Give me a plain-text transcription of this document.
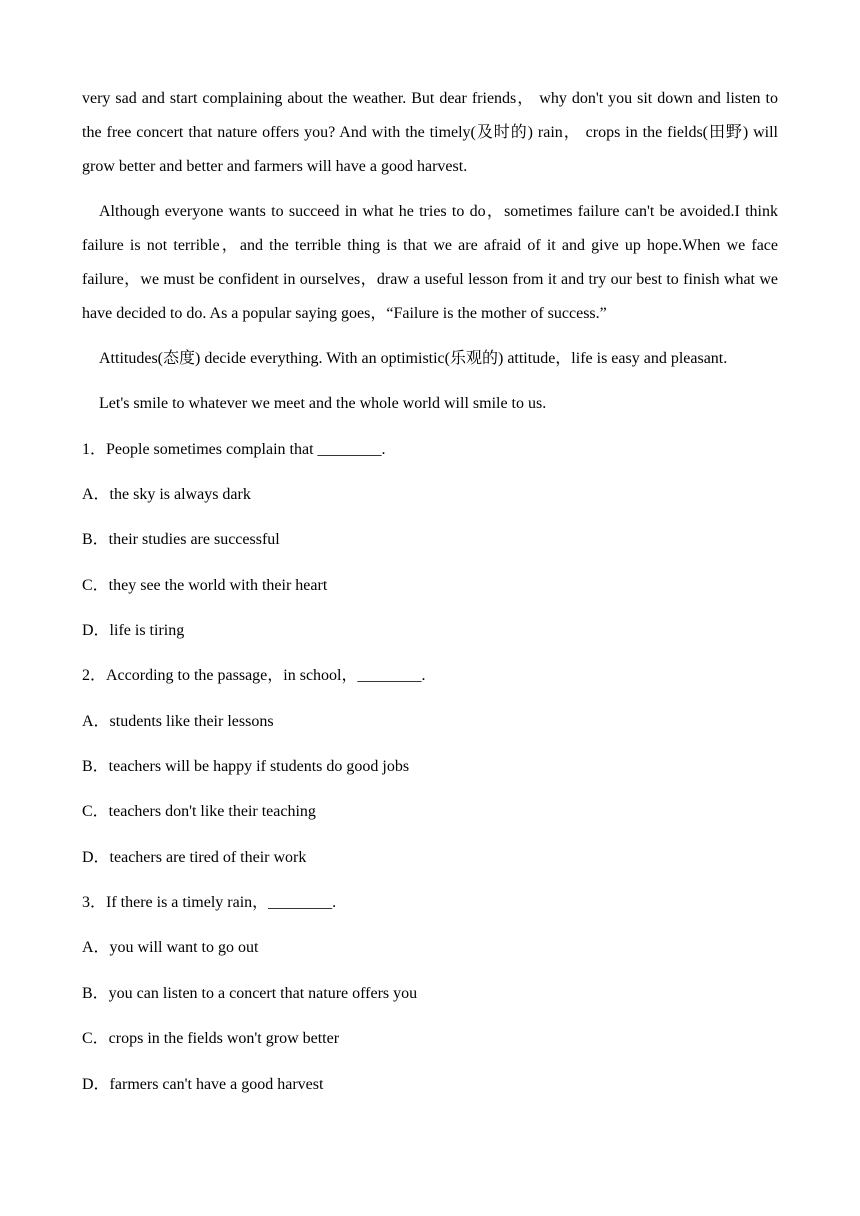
very sad and start complaining about the weather. But dear friends， why don't you sit down and listen to the free concert that nature offers you? And with the timely(及时的) rain， crops in the fields(田野) will grow better and better and farmers will have a good harvest.

Although everyone wants to succeed in what he tries to do，sometimes failure can't be avoided.I think failure is not terrible，and the terrible thing is that we are afraid of it and give up hope.When we face failure，we must be confident in ourselves，draw a useful lesson from it and try our best to finish what we have decided to do. As a popular saying goes，“Failure is the mother of success.”

Attitudes(态度) decide everything. With an optimistic(乐观的) attitude，life is easy and pleasant.

Let's smile to whatever we meet and the whole world will smile to us.

1．People sometimes complain that ________.

A．the sky is always dark

B．their studies are successful

C．they see the world with their heart

D．life is tiring

2．According to the passage，in school，________.

A．students like their lessons

B．teachers will be happy if students do good jobs

C．teachers don't like their teaching

D．teachers are tired of their work

3．If there is a timely rain，________.

A．you will want to go out

B．you can listen to a concert that nature offers you

C．crops in the fields won't grow better

D．farmers can't have a good harvest
